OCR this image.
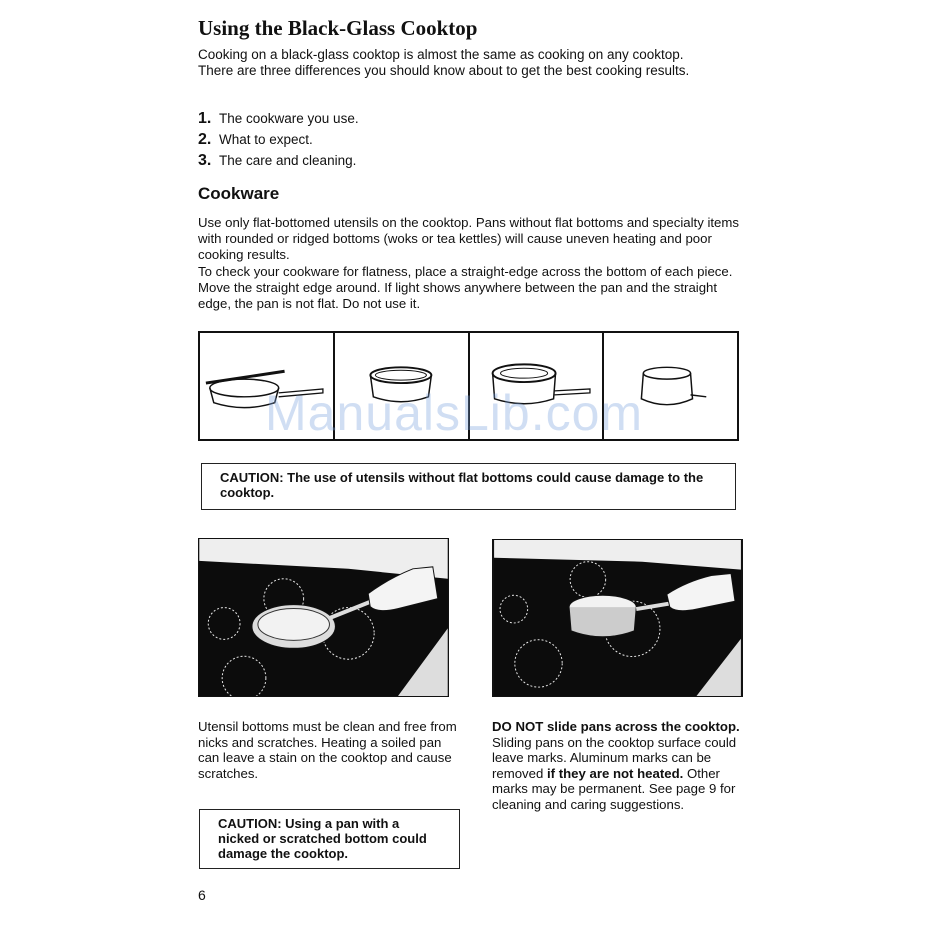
Using the Black-Glass Cooktop

Cooking on a black-glass cooktop is almost the same as cooking on any cooktop. There are three differences you should know about to get the best cooking results.

1. The cookware you use.
2. What to expect.
3. The care and cleaning.
Cookware

Use only flat-bottomed utensils on the cooktop. Pans without flat bottoms and specialty items with rounded or ridged bottoms (woks or tea kettles) will cause uneven heating and poor cooking results.

To check your cookware for flatness, place a straight-edge across the bottom of each piece. Move the straight edge around. If light shows anywhere between the pan and the straight edge, the pan is not flat. Do not use it.

ManualsLib.com
CAUTION: The use of utensils without flat bottoms could cause damage to the cooktop.

Utensil bottoms must be clean and free from nicks and scratches. Heating a soiled pan can leave a stain on the cooktop and cause scratches.

CAUTION: Using a pan with a nicked or scratched bottom could damage the cooktop.

DO NOT slide pans across the cooktop. Sliding pans on the cooktop surface could leave marks. Aluminum marks can be removed if they are not heated. Other marks may be permanent. See page 9 for cleaning and caring suggestions.

6
